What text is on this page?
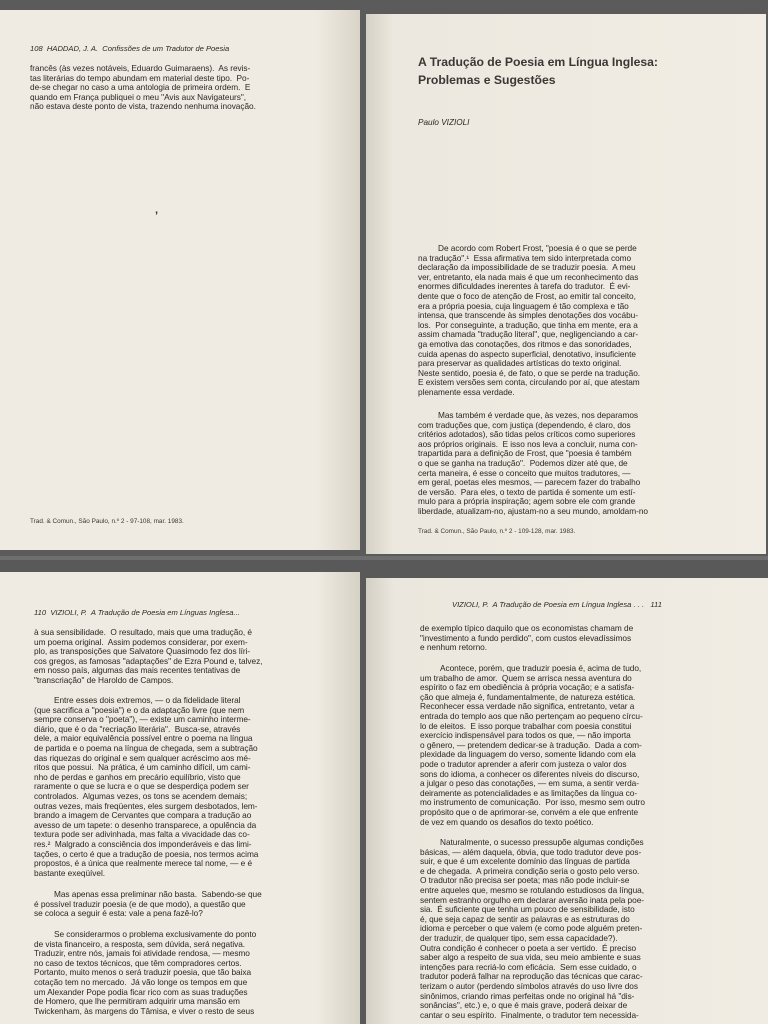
108  HADDAD, J. A.  Confissões de um Tradutor de Poesia

francês (às vezes notáveis, Eduardo Guimaraens).  As revis-

tas literárias do tempo abundam em material deste tipo.  Po-

de-se chegar no caso a uma antologia de primeira ordem.  E

quando em França publiquei o meu "Avis aux Navigateurs",

não estava deste ponto de vista, trazendo nenhuma inovação.

’

Trad. & Comun., São Paulo, n.º 2 - 97-108, mar. 1983.

A Tradução de Poesia em Língua Inglesa:

Problemas e Sugestões

Paulo VIZIOLI

De acordo com Robert Frost, "poesia é o que se perde

na tradução".¹  Essa afirmativa tem sido interpretada como

declaração da impossibilidade de se traduzir poesia.  A meu

ver, entretanto, ela nada mais é que um reconhecimento das

enormes dificuldades inerentes à tarefa do tradutor.  É evi-

dente que o foco de atenção de Frost, ao emitir tal conceito,

era a própria poesia, cuja linguagem é tão complexa e tão

intensa, que transcende às simples denotações dos vocábu-

los.  Por conseguinte, a tradução, que tinha em mente, era a

assim chamada "tradução literal", que, negligenciando a car-

ga emotiva das conotações, dos ritmos e das sonoridades,

cuida apenas do aspecto superficial, denotativo, insuficiente

para preservar as qualidades artísticas do texto original.

Neste sentido, poesia é, de fato, o que se perde na tradução.

E existem versões sem conta, circulando por aí, que atestam

plenamente essa verdade.

Mas também é verdade que, às vezes, nos deparamos

com traduções que, com justiça (dependendo, é claro, dos

critérios adotados), são tidas pelos críticos como superiores

aos próprios originais.  E isso nos leva a concluir, numa con-

trapartida para a definição de Frost, que "poesia é também

o que se ganha na tradução".  Podemos dizer até que, de

certa maneira, é esse o conceito que muitos tradutores, —

em geral, poetas eles mesmos, — parecem fazer do trabalho

de versão.  Para eles, o texto de partida é somente um estí-

mulo para a própria inspiração; agem sobre ele com grande

liberdade, atualizam-no, ajustam-no a seu mundo, amoldam-no

Trad. & Comun., São Paulo, n.º 2 - 109-128, mar. 1983.

110  VIZIOLI, P.  A Tradução de Poesia em Línguas Inglesa...

à sua sensibilidade.  O resultado, mais que uma tradução, é

um poema original.  Assim podemos considerar, por exem-

plo, as transposições que Salvatore Quasimodo fez dos líri-

cos gregos, as famosas "adaptações" de Ezra Pound e, talvez,

em nosso país, algumas das mais recentes tentativas de

"transcriação" de Haroldo de Campos.

Entre esses dois extremos, — o da fidelidade literal

(que sacrifica a "poesia") e o da adaptação livre (que nem

sempre conserva o "poeta"), — existe um caminho interme-

diário, que é o da "recriação literária".  Busca-se, através

dele, a maior equivalência possível entre o poema na língua

de partida e o poema na língua de chegada, sem a subtração

das riquezas do original e sem qualquer acréscimo aos mé-

ritos que possui.  Na prática, é um caminho difícil, um cami-

nho de perdas e ganhos em precário equilíbrio, visto que

raramente o que se lucra e o que se desperdiça podem ser

controlados.  Algumas vezes, os tons se acendem demais;

outras vezes, mais freqüentes, eles surgem desbotados, lem-

brando a imagem de Cervantes que compara a tradução ao

avesso de um tapete: o desenho transparece, a opulência da

textura pode ser adivinhada, mas falta a vivacidade das co-

res.²  Malgrado a consciência dos imponderáveis e das limi-

tações, o certo é que a tradução de poesia, nos termos acima

propostos, é a única que realmente merece tal nome, — e é

bastante exeqüível.

Mas apenas essa preliminar não basta.  Sabendo-se que

é possível traduzir poesia (e de que modo), a questão que

se coloca a seguir é esta: vale a pena fazê-lo?

Se considerarmos o problema exclusivamente do ponto

de vista financeiro, a resposta, sem dúvida, será negativa.

Traduzir, entre nós, jamais foi atividade rendosa, — mesmo

no caso de textos técnicos, que têm compradores certos.

Portanto, muito menos o será traduzir poesia, que tão baixa

cotação tem no mercado.  Já vão longe os tempos em que

um Alexander Pope podia ficar rico com as suas traduções

de Homero, que lhe permitiram adquirir uma mansão em

Twickenham, às margens do Tâmisa, e viver o resto de seus

VIZIOLI, P.  A Tradução de Poesia em Língua Inglesa . . .   111

de exemplo típico daquilo que os economistas chamam de

"investimento a fundo perdido", com custos elevadíssimos

e nenhum retorno.

Acontece, porém, que traduzir poesia é, acima de tudo,

um trabalho de amor.  Quem se arrisca nessa aventura do

espírito o faz em obediência à própria vocação; e a satisfa-

ção que almeja é, fundamentalmente, de natureza estética.

Reconhecer essa verdade não significa, entretanto, vetar a

entrada do templo aos que não pertençam ao pequeno círcu-

lo de eleitos.  E isso porque trabalhar com poesia constitui

exercício indispensável para todos os que, — não importa

o gênero, — pretendem dedicar-se à tradução.  Dada a com-

plexidade da linguagem do verso, somente lidando com ela

pode o tradutor aprender a aferir com justeza o valor dos

sons do idioma, a conhecer os diferentes níveis do discurso,

a julgar o peso das conotações, — em suma, a sentir verda-

deiramente as potencialidades e as limitações da língua co-

mo instrumento de comunicação.  Por isso, mesmo sem outro

propósito que o de aprimorar-se, convém a ele que enfrente

de vez em quando os desafios do texto poético.

Naturalmente, o sucesso pressupõe algumas condições

básicas, — além daquela, óbvia, que todo tradutor deve pos-

suir, e que é um excelente domínio das línguas de partida

e de chegada.  A primeira condição seria o gosto pelo verso.

O tradutor não precisa ser poeta; mas não pode incluir-se

entre aqueles que, mesmo se rotulando estudiosos da língua,

sentem estranho orgulho em declarar aversão inata pela poe-

sia.  É suficiente que tenha um pouco de sensibilidade, isto

é, que seja capaz de sentir as palavras e as estruturas do

idioma e perceber o que valem (e como pode alguém preten-

der traduzir, de qualquer tipo, sem essa capacidade?).

Outra condição é conhecer o poeta a ser vertido.  É preciso

saber algo a respeito de sua vida, seu meio ambiente e suas

intenções para recriá-lo com eficácia.  Sem esse cuidado, o

tradutor poderá falhar na reprodução das técnicas que carac-

terizam o autor (perdendo símbolos através do uso livre dos

sinônimos, criando rimas perfeitas onde no original há "dis-

sonâncias", etc.) e, o que é mais grave, poderá deixar de

cantar o seu espírito.  Finalmente, o tradutor tem necessida-
